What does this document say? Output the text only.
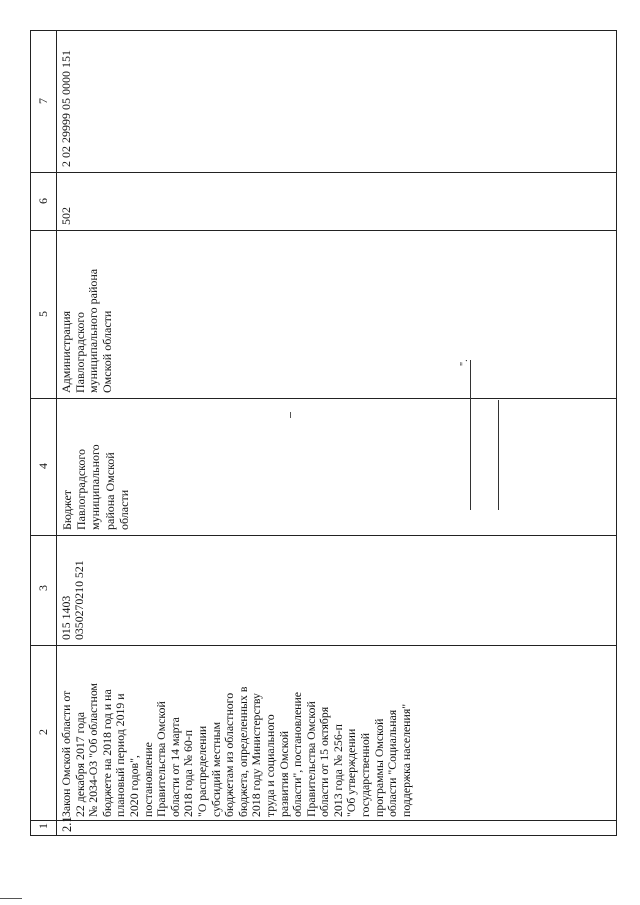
1
2
3
4
5
6
7
2.1
Закон Омской области от
22 декабря 2017 года
№ 2034-ОЗ "Об областном
бюджете на 2018 год и на
плановый период 2019 и
2020 годов",
постановление
Правительства Омской
области от 14 марта
2018 года № 60-п
"О распределении
субсидий местным
бюджетам из областного
бюджета, определенных в
2018 году Министерству
труда и социального
развития Омской
области", постановление
Правительства Омской
области от 15 октября
2013 года № 256-п
"Об утверждении
государственной
программы Омской
области "Социальная
поддержка населения"
015 1403
0350270210 521
Бюджет
Павлоградского
муниципального
района Омской
области
Администрация
Павлоградского
муниципального района
Омской области
502
2 02 29999 05 0000 151
".
